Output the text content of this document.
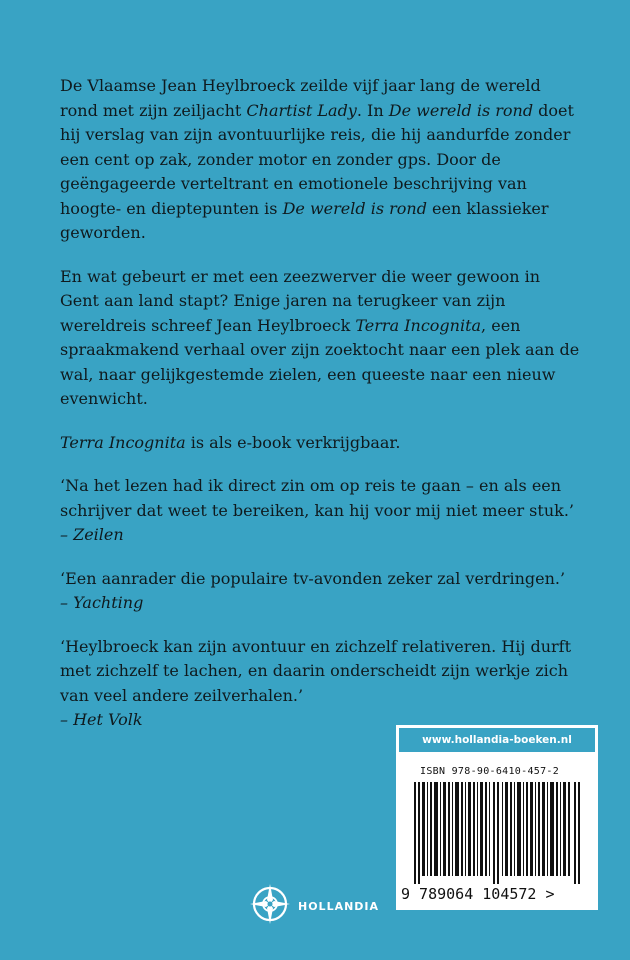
De Vlaamse Jean Heylbroeck zeilde vijf jaar lang de wereld rond met zijn zeiljacht Chartist Lady. In De wereld is rond doet hij verslag van zijn avontuurlijke reis, die hij aandurfde zonder een cent op zak, zonder motor en zonder gps. Door de geëngageerde verteltrant en emotionele beschrijving van hoogte- en dieptepunten is De wereld is rond een klassieker geworden.

En wat gebeurt er met een zeezwerver die weer gewoon in Gent aan land stapt? Enige jaren na terugkeer van zijn wereldreis schreef Jean Heylbroeck Terra Incognita, een spraakmakend verhaal over zijn zoektocht naar een plek aan de wal, naar gelijkgestemde zielen, een queeste naar een nieuw evenwicht.

Terra Incognita is als e-book verkrijgbaar.

‘Na het lezen had ik direct zin om op reis te gaan – en als een schrijver dat weet te bereiken, kan hij voor mij niet meer stuk.’

– Zeilen

‘Een aanrader die populaire tv-avonden zeker zal verdringen.’

– Yachting

‘Heylbroeck kan zijn avontuur en zichzelf relativeren. Hij durft met zichzelf te lachen, en daarin onderscheidt zijn werkje zich van veel andere zeilverhalen.’

– Het Volk

www.hollandia-boeken.nl
ISBN 978-90-6410-457-2
9 789064 104572 >
HOLLANDIA
